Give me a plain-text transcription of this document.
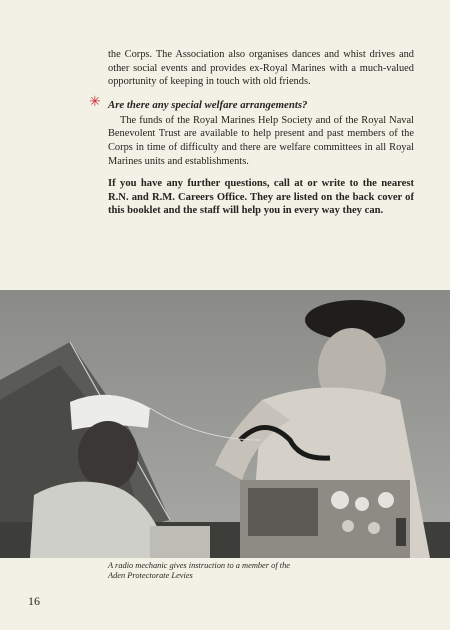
the Corps. The Association also organises dances and whist drives and other social events and provides ex-Royal Marines with a much-valued opportunity of keeping in touch with old friends.

✳ Are there any special welfare arrangements?

The funds of the Royal Marines Help Society and of the Royal Naval Benevolent Trust are available to help present and past members of the Corps in time of difficulty and there are welfare committees in all Royal Marines units and establishments.

If you have any further questions, call at or write to the nearest R.N. and R.M. Careers Office. They are listed on the back cover of this booklet and the staff will help you in every way they can.
A radio mechanic gives instruction to a member of the
Aden Protectorate Levies
16
